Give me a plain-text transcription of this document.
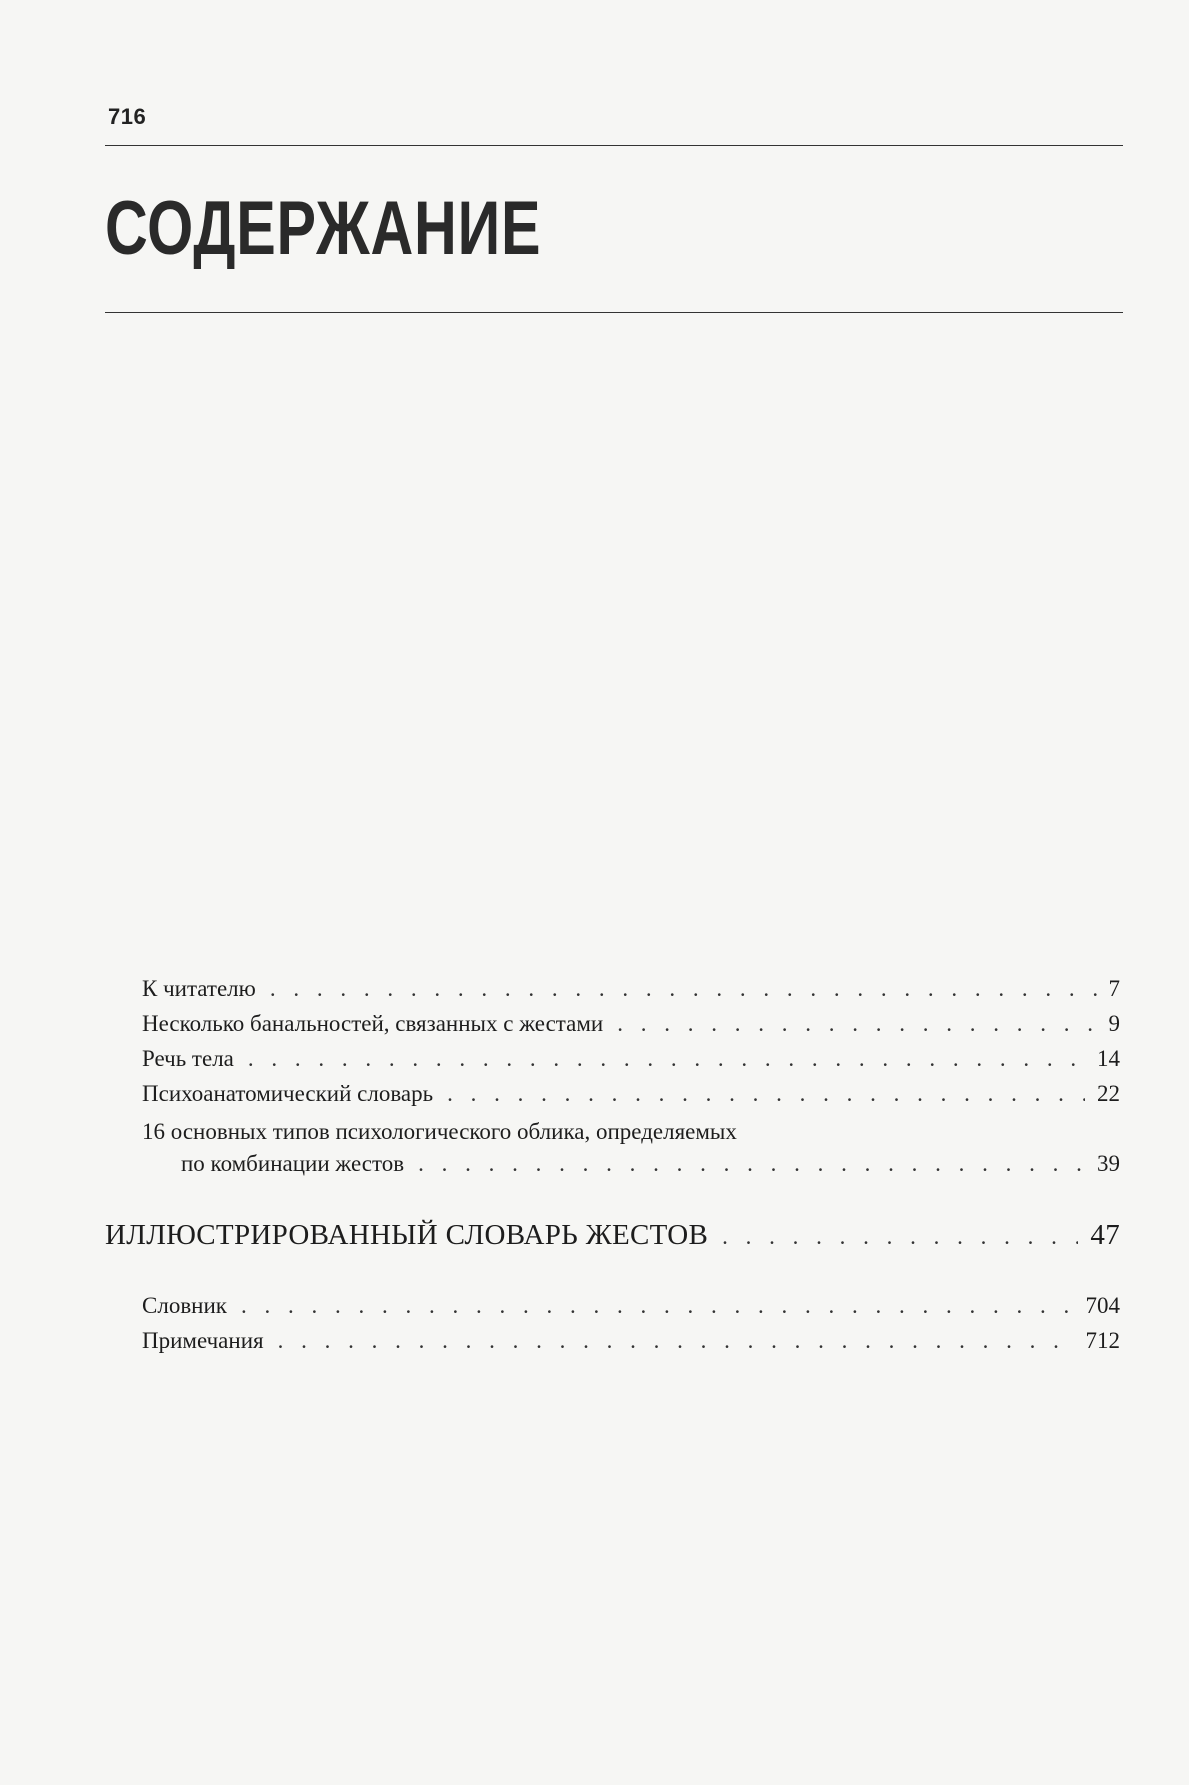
716
СОДЕРЖАНИЕ
К читателю . . .	7
Несколько банальностей, связанных с жестами . . .	9
Речь тела . . .	14
Психоанатомический словарь . . .	22
16 основных типов психологического облика, определяемых
по комбинации жестов . . .	39
ИЛЛЮСТРИРОВАННЫЙ СЛОВАРЬ ЖЕСТОВ . . .	47
Словник . . .	704
Примечания . . .	712
